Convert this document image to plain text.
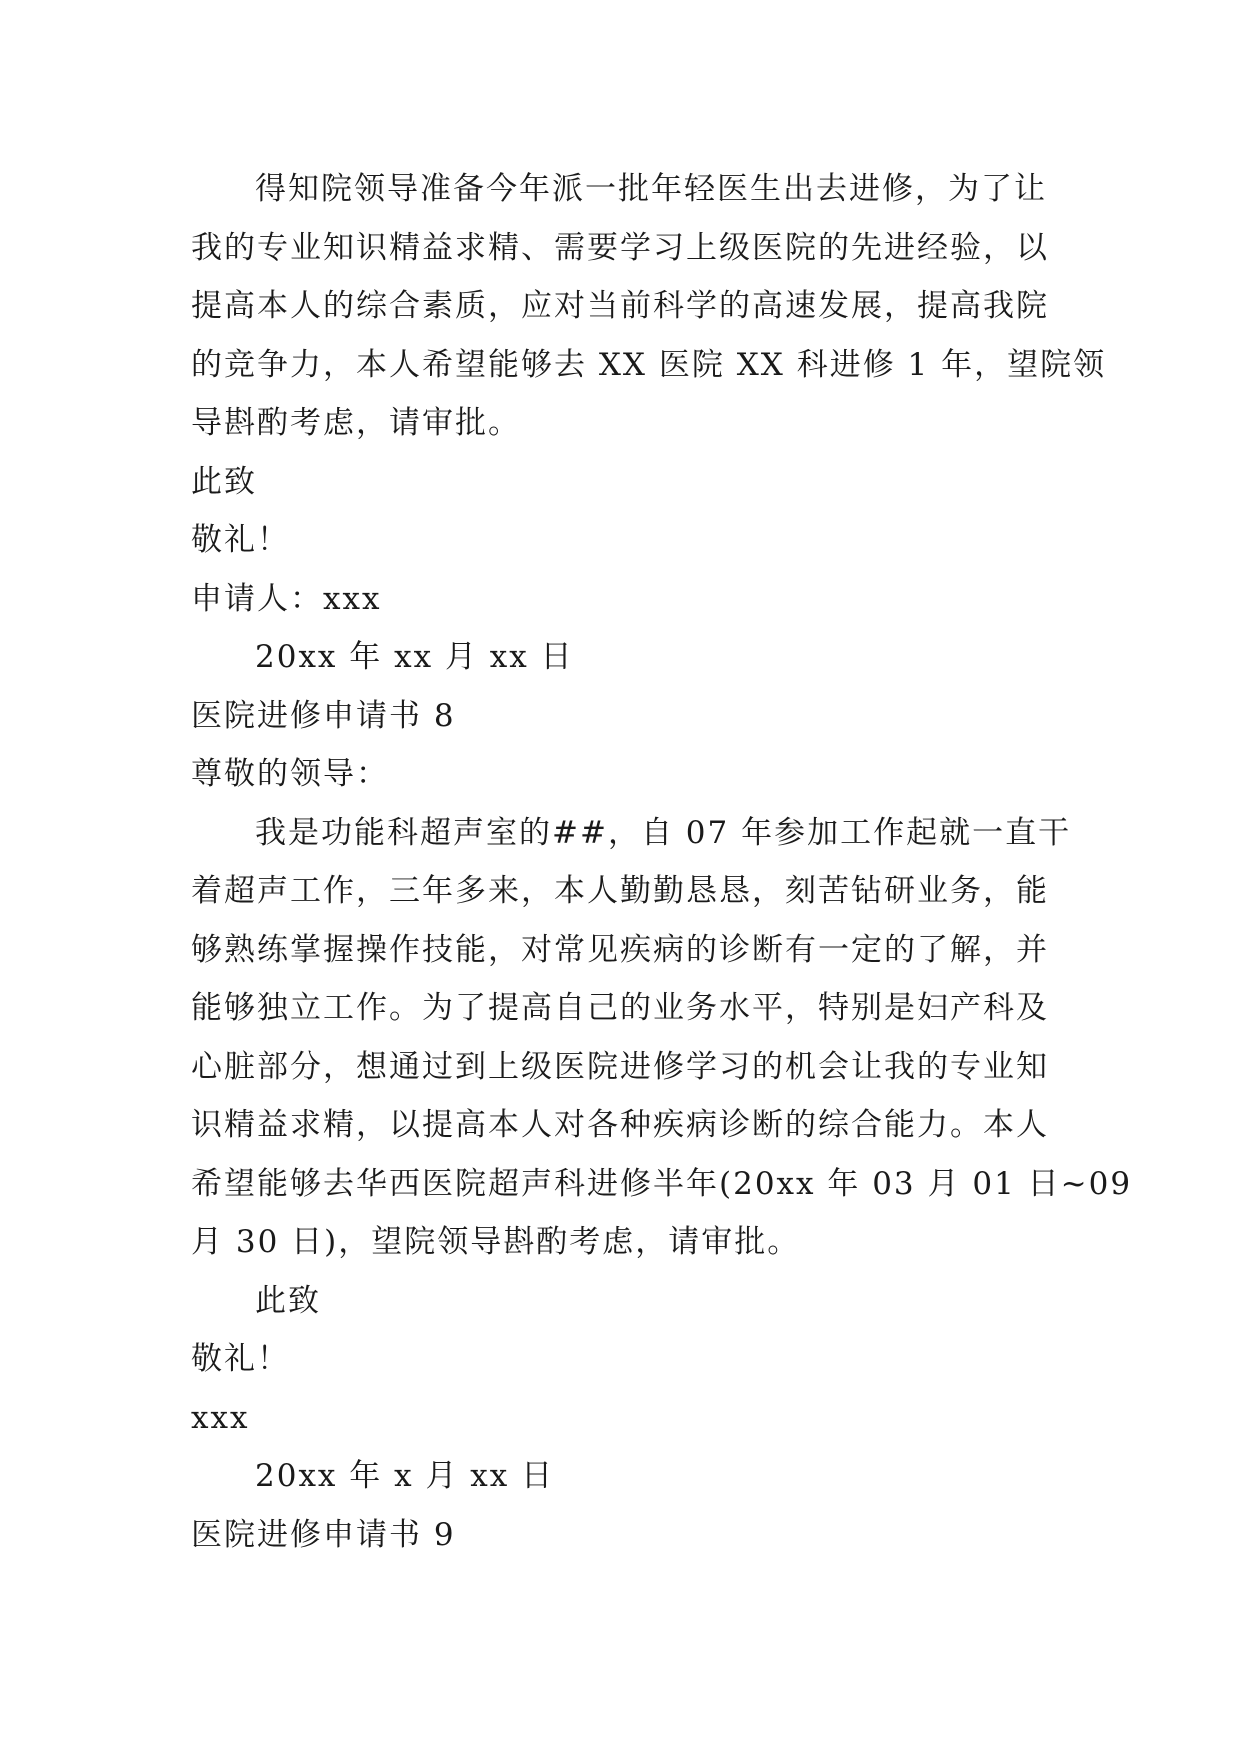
得知院领导准备今年派一批年轻医生出去进修，为了让
我的专业知识精益求精、需要学习上级医院的先进经验，以
提高本人的综合素质，应对当前科学的高速发展，提高我院
的竞争力，本人希望能够去 XX 医院 XX 科进修 1 年，望院领
导斟酌考虑，请审批。
此致
敬礼！
申请人：xxx
20xx 年 xx 月 xx 日
医院进修申请书 8
尊敬的领导：
我是功能科超声室的##，自 07 年参加工作起就一直干
着超声工作，三年多来，本人勤勤恳恳，刻苦钻研业务，能
够熟练掌握操作技能，对常见疾病的诊断有一定的了解，并
能够独立工作。为了提高自己的业务水平，特别是妇产科及
心脏部分，想通过到上级医院进修学习的机会让我的专业知
识精益求精，以提高本人对各种疾病诊断的综合能力。本人
希望能够去华西医院超声科进修半年(20xx 年 03 月 01 日~09
月 30 日)，望院领导斟酌考虑，请审批。
此致
敬礼！
xxx
20xx 年 x 月 xx 日
医院进修申请书 9
